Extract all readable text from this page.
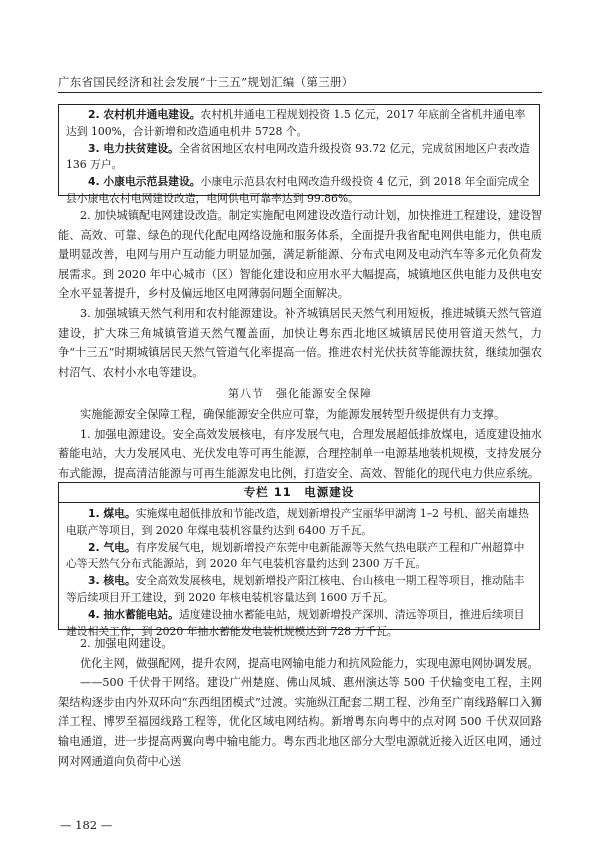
广东省国民经济和社会发展“十三五”规划汇编（第三册）

2. 农村机井通电建设。农村机井通电工程规划投资 1.5 亿元，2017 年底前全省机井通电率达到 100%，合计新增和改造通电机井 5728 个。

3. 电力扶贫建设。全省贫困地区农村电网改造升级投资 93.72 亿元，完成贫困地区户表改造 136 万户。

4. 小康电示范县建设。小康电示范县农村电网改造升级投资 4 亿元，到 2018 年全面完成全县小康电农村电网建设改造，电网供电可靠率达到 99.86%。

2. 加快城镇配电网建设改造。制定实施配电网建设改造行动计划，加快推进工程建设，建设智能、高效、可靠、绿色的现代化配电网络设施和服务体系，全面提升我省配电网供电能力，供电质量明显改善，电网与用户互动能力明显加强，满足新能源、分布式电网及电动汽车等多元化负荷发展需求。到 2020 年中心城市（区）智能化建设和应用水平大幅提高，城镇地区供电能力及供电安全水平显著提升，乡村及偏远地区电网薄弱问题全面解决。

3. 加强城镇天然气利用和农村能源建设。补齐城镇居民天然气利用短板，推进城镇天然气管道建设，扩大珠三角城镇管道天然气覆盖面，加快让粤东西北地区城镇居民使用管道天然气，力争“十三五”时期城镇居民天然气管道气化率提高一倍。推进农村光伏扶贫等能源扶贫，继续加强农村沼气、农村小水电等建设。

第八节　强化能源安全保障

实施能源安全保障工程，确保能源安全供应可靠，为能源发展转型升级提供有力支撑。

1. 加强电源建设。安全高效发展核电，有序发展气电，合理发展超低排放煤电，适度建设抽水蓄能电站，大力发展风电、光伏发电等可再生能源，合理控制单一电源基地装机规模，支持发展分布式能源，提高清洁能源与可再生能源发电比例，打造安全、高效、智能化的现代电力供应系统。

专栏 11　电源建设

1. 煤电。实施煤电超低排放和节能改造，规划新增投产宝丽华甲湖湾 1–2 号机、韶关南雄热电联产等项目，到 2020 年煤电装机容量约达到 6400 万千瓦。

2. 气电。有序发展气电，规划新增投产东莞中电新能源等天然气热电联产工程和广州超算中心等天然气分布式能源站，到 2020 年气电装机容量约达到 2300 万千瓦。

3. 核电。安全高效发展核电，规划新增投产阳江核电、台山核电一期工程等项目，推动陆丰等后续项目开工建设，到 2020 年核电装机容量达到 1600 万千瓦。

4. 抽水蓄能电站。适度建设抽水蓄能电站，规划新增投产深圳、清远等项目，推进后续项目建设相关工作，到 2020 年抽水蓄能发电装机规模达到 728 万千瓦。

2. 加强电网建设。

优化主网，做强配网，提升农网，提高电网输电能力和抗风险能力，实现电源电网协调发展。

——500 千伏骨干网络。建设广州楚庭、佛山凤城、惠州演达等 500 千伏输变电工程，主网架结构逐步由内外双环向“东西组团模式”过渡。实施纵江配套二期工程、沙角至广南线路解口入狮洋工程、博罗至福园线路工程等，优化区域电网结构。新增粤东向粤中的点对网 500 千伏双回路输电通道，进一步提高两翼向粤中输电能力。粤东西北地区部分大型电源就近接入近区电网，通过网对网通道向负荷中心送

— 182 —
